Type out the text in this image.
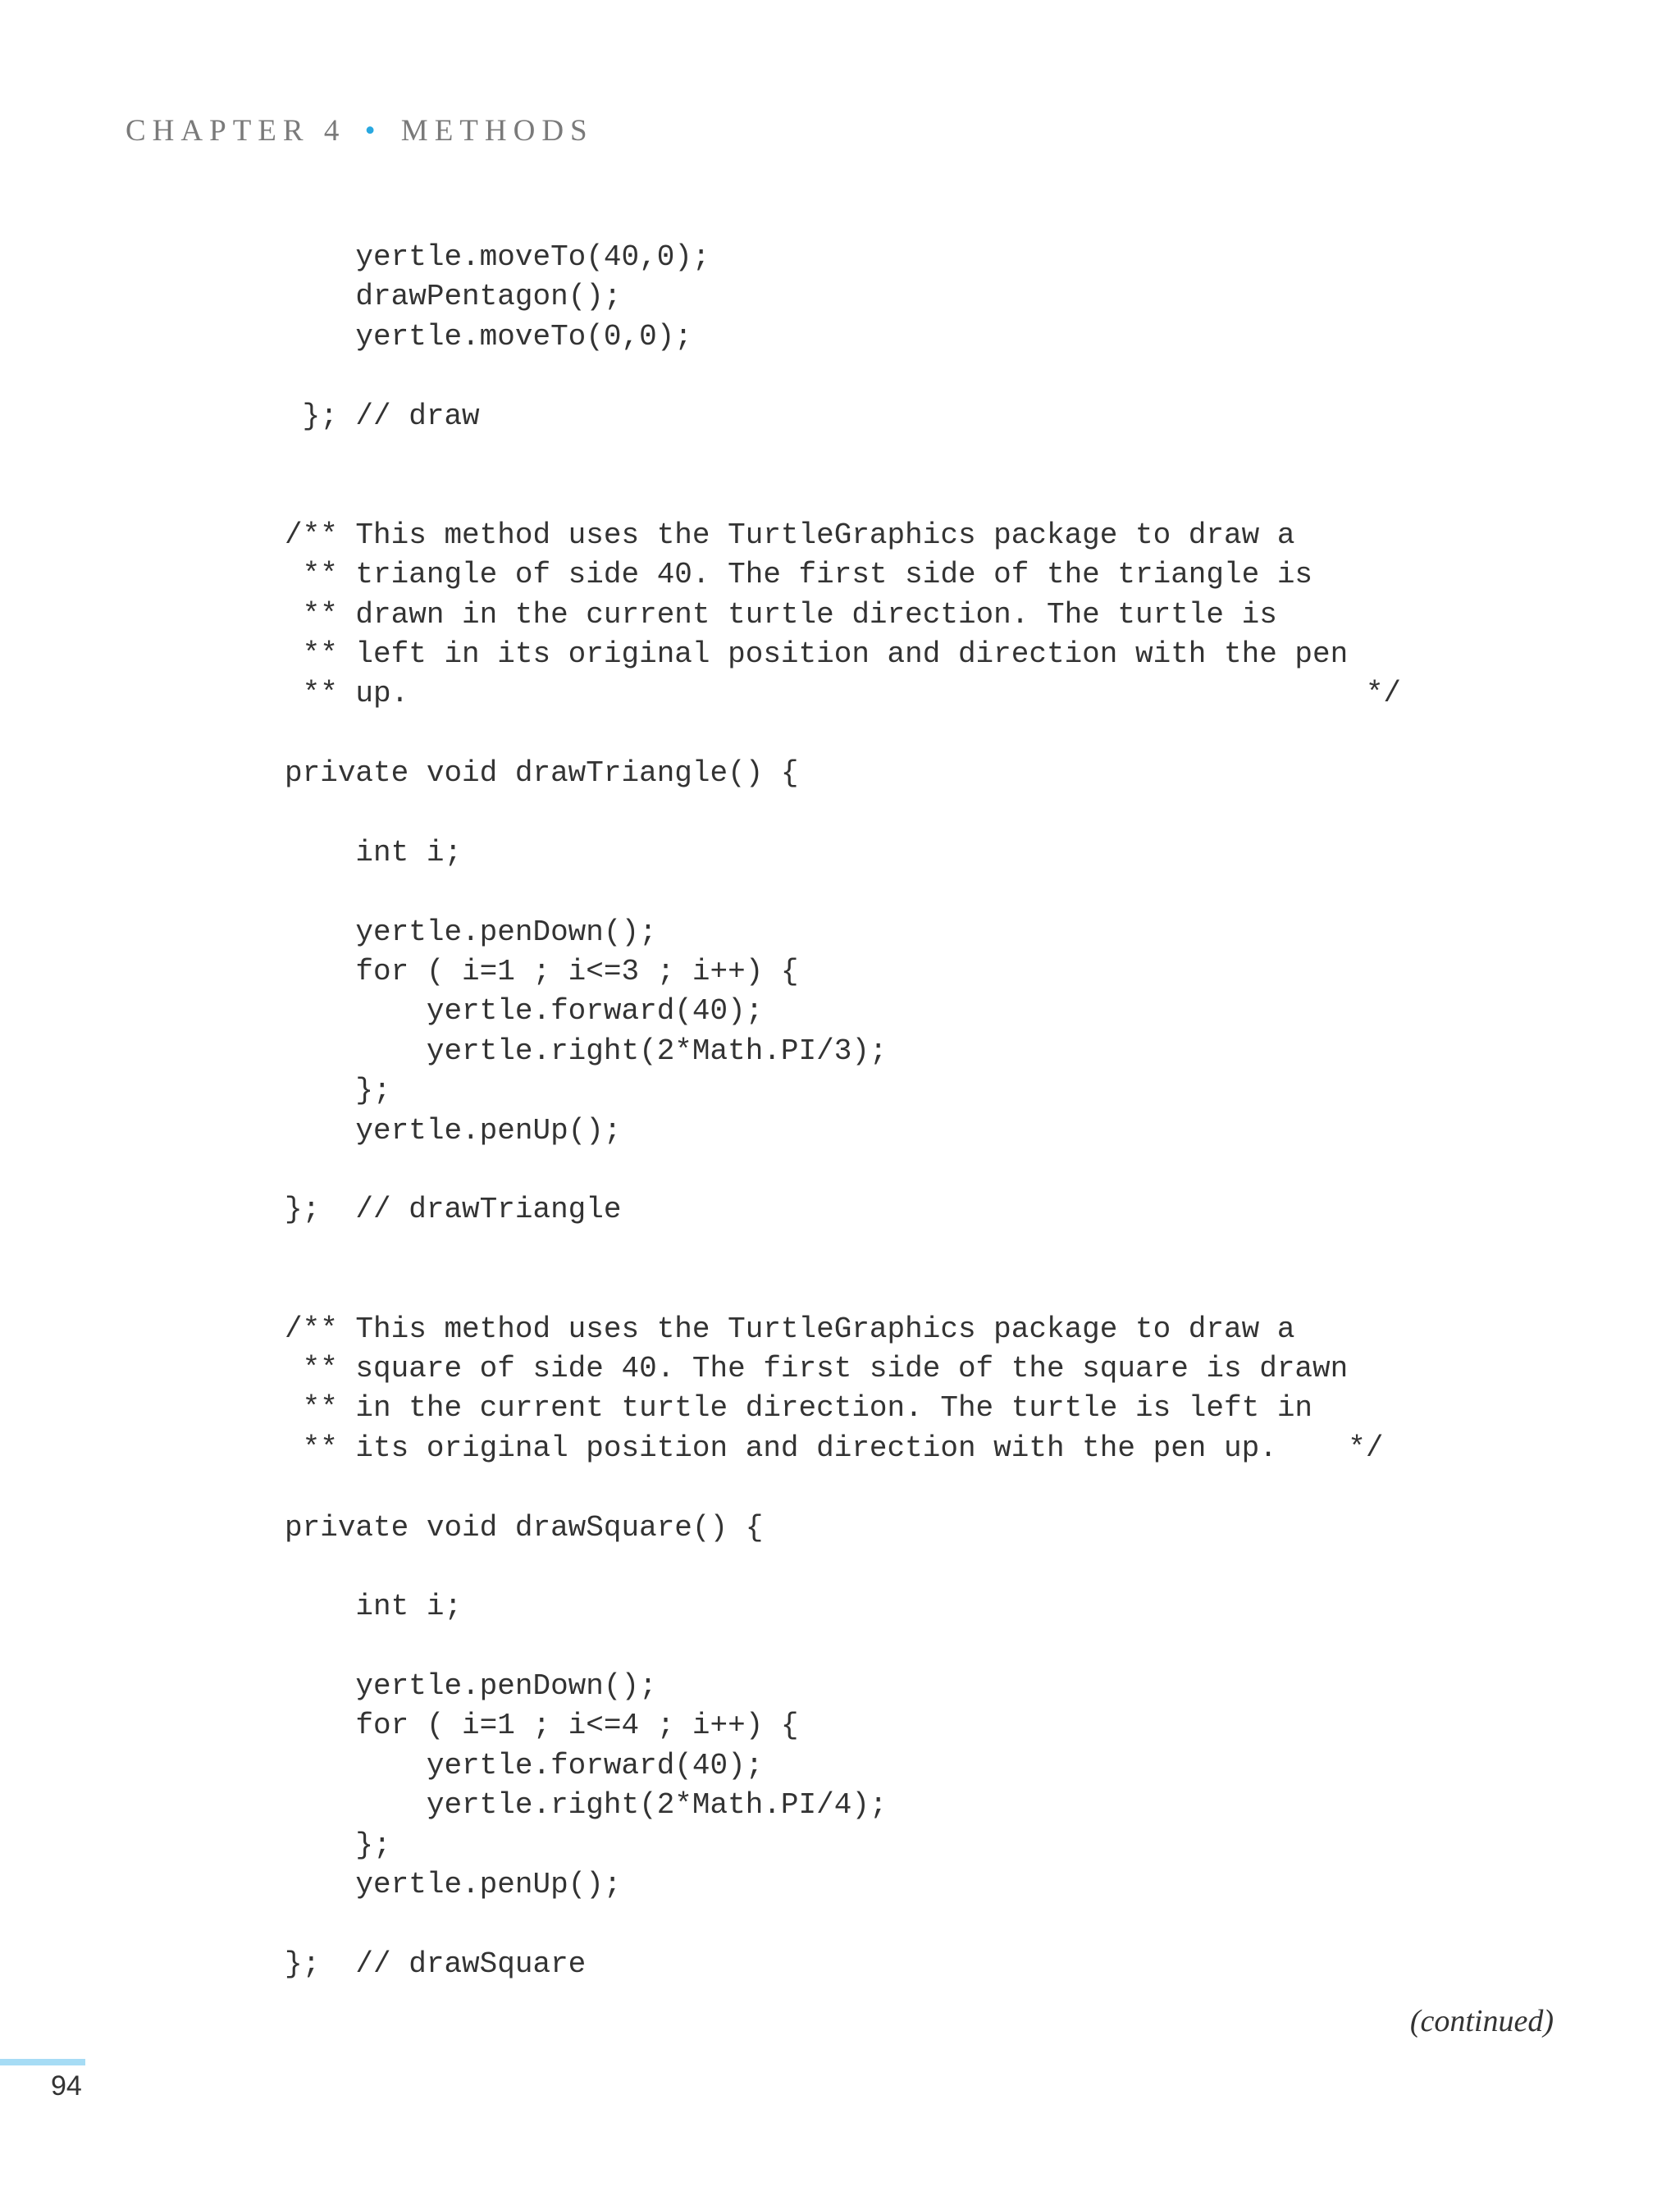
CHAPTER 4 • METHODS
yertle.moveTo(40,0);
drawPentagon();
yertle.moveTo(0,0);
}; // draw
/** This method uses the TurtleGraphics package to draw a
** triangle of side 40. The first side of the triangle is
** drawn in the current turtle direction. The turtle is
** left in its original position and direction with the pen
** up.                                                      */
private void drawTriangle() {
int i;
yertle.penDown();
for ( i=1 ; i<=3 ; i++) {
yertle.forward(40);
yertle.right(2*Math.PI/3);
};
yertle.penUp();
};  // drawTriangle
/** This method uses the TurtleGraphics package to draw a
** square of side 40. The first side of the square is drawn
** in the current turtle direction. The turtle is left in
** its original position and direction with the pen up.    */
private void drawSquare() {
int i;
yertle.penDown();
for ( i=1 ; i<=4 ; i++) {
yertle.forward(40);
yertle.right(2*Math.PI/4);
};
yertle.penUp();
};  // drawSquare
(continued)
94
